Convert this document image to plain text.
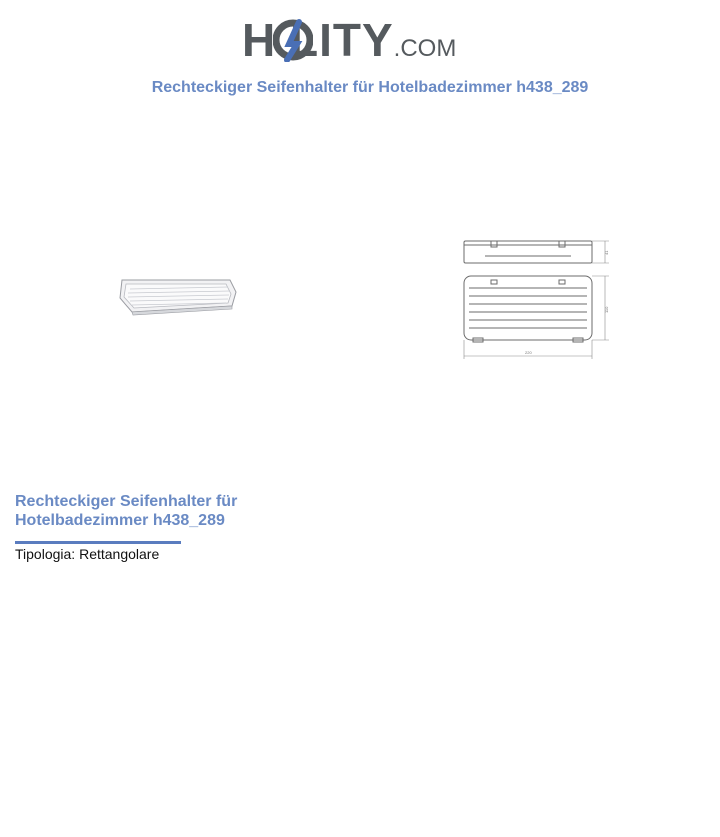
H LITY.COM
Rechteckiger Seifenhalter für Hotelbadezimmer h438_289
41
110
220
Rechteckiger Seifenhalter für
Hotelbadezimmer h438_289
Tipologia: Rettangolare
